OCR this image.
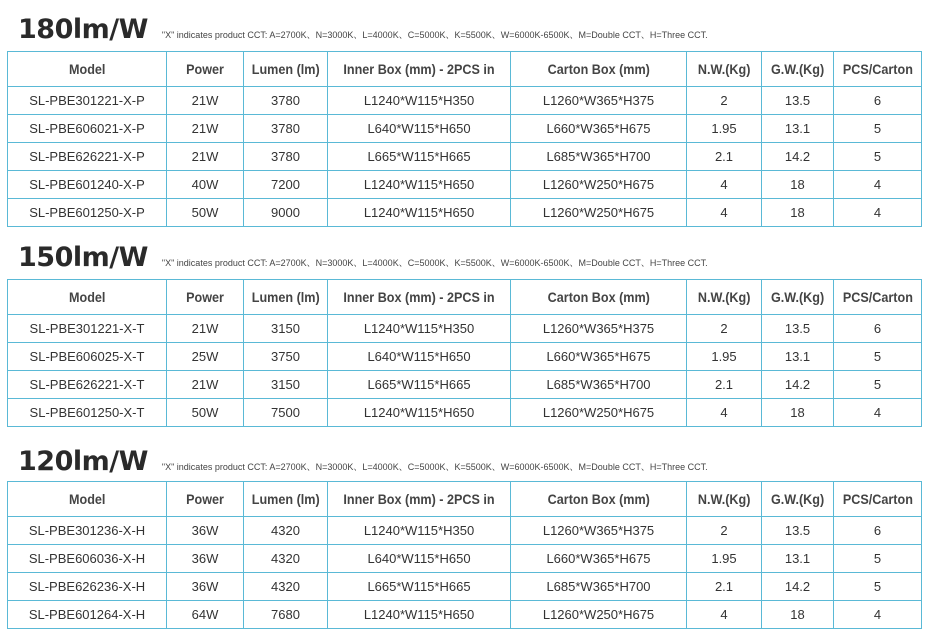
180lm/W "X" indicates product CCT: A=2700K、N=3000K、L=4000K、C=5000K、K=5500K、W=6000K-6500K、M=Double CCT、H=Three CCT.
Model	Power	Lumen (lm)	Inner Box (mm) - 2PCS in	Carton Box (mm)	N.W.(Kg)	G.W.(Kg)	PCS/Carton
SL-PBE301221-X-P	21W	3780	L1240*W115*H350	L1260*W365*H375	2	13.5	6
SL-PBE606021-X-P	21W	3780	L640*W115*H650	L660*W365*H675	1.95	13.1	5
SL-PBE626221-X-P	21W	3780	L665*W115*H665	L685*W365*H700	2.1	14.2	5
SL-PBE601240-X-P	40W	7200	L1240*W115*H650	L1260*W250*H675	4	18	4
SL-PBE601250-X-P	50W	9000	L1240*W115*H650	L1260*W250*H675	4	18	4
150lm/W "X" indicates product CCT: A=2700K、N=3000K、L=4000K、C=5000K、K=5500K、W=6000K-6500K、M=Double CCT、H=Three CCT.
Model	Power	Lumen (lm)	Inner Box (mm) - 2PCS in	Carton Box (mm)	N.W.(Kg)	G.W.(Kg)	PCS/Carton
SL-PBE301221-X-T	21W	3150	L1240*W115*H350	L1260*W365*H375	2	13.5	6
SL-PBE606025-X-T	25W	3750	L640*W115*H650	L660*W365*H675	1.95	13.1	5
SL-PBE626221-X-T	21W	3150	L665*W115*H665	L685*W365*H700	2.1	14.2	5
SL-PBE601250-X-T	50W	7500	L1240*W115*H650	L1260*W250*H675	4	18	4
120lm/W "X" indicates product CCT: A=2700K、N=3000K、L=4000K、C=5000K、K=5500K、W=6000K-6500K、M=Double CCT、H=Three CCT.
Model	Power	Lumen (lm)	Inner Box (mm) - 2PCS in	Carton Box (mm)	N.W.(Kg)	G.W.(Kg)	PCS/Carton
SL-PBE301236-X-H	36W	4320	L1240*W115*H350	L1260*W365*H375	2	13.5	6
SL-PBE606036-X-H	36W	4320	L640*W115*H650	L660*W365*H675	1.95	13.1	5
SL-PBE626236-X-H	36W	4320	L665*W115*H665	L685*W365*H700	2.1	14.2	5
SL-PBE601264-X-H	64W	7680	L1240*W115*H650	L1260*W250*H675	4	18	4
